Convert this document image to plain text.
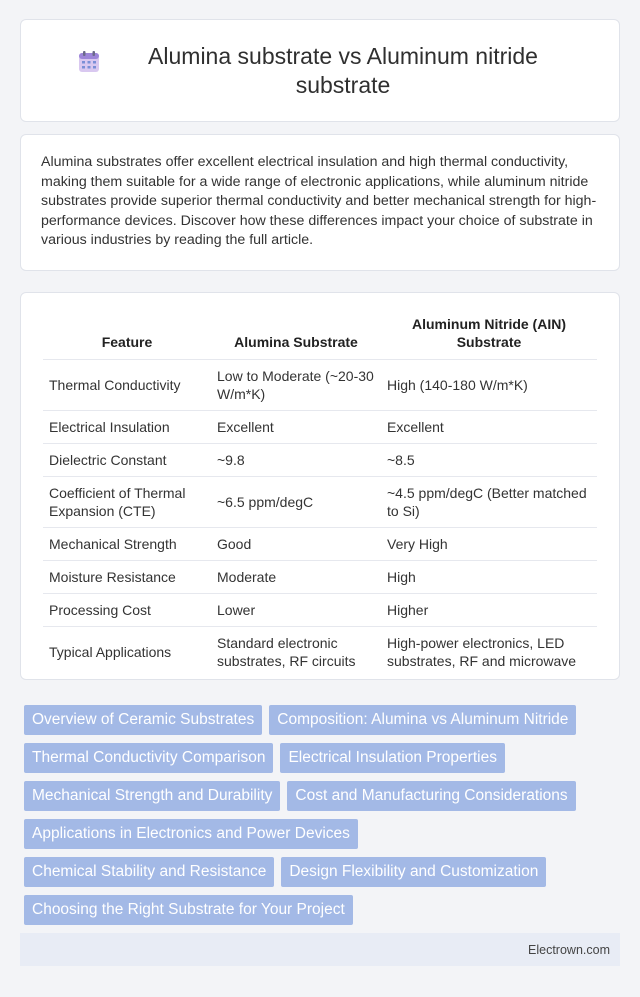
Alumina substrate vs Aluminum nitride substrate

Alumina substrates offer excellent electrical insulation and high thermal conductivity, making them suitable for a wide range of electronic applications, while aluminum nitride substrates provide superior thermal conductivity and better mechanical strength for high-performance devices. Discover how these differences impact your choice of substrate in various industries by reading the full article.

Feature	Alumina Substrate	Aluminum Nitride (AIN) Substrate
Thermal Conductivity	Low to Moderate (~20-30 W/m*K)	High (140-180 W/m*K)
Electrical Insulation	Excellent	Excellent
Dielectric Constant	~9.8	~8.5
Coefficient of Thermal Expansion (CTE)	~6.5 ppm/degC	~4.5 ppm/degC (Better matched to Si)
Mechanical Strength	Good	Very High
Moisture Resistance	Moderate	High
Processing Cost	Lower	Higher
Typical Applications	Standard electronic substrates, RF circuits	High-power electronics, LED substrates, RF and microwave
Overview of Ceramic Substrates	Composition: Alumina vs Aluminum Nitride
Thermal Conductivity Comparison	Electrical Insulation Properties
Mechanical Strength and Durability	Cost and Manufacturing Considerations
Applications in Electronics and Power Devices
Chemical Stability and Resistance	Design Flexibility and Customization
Choosing the Right Substrate for Your Project
Electrown.com
